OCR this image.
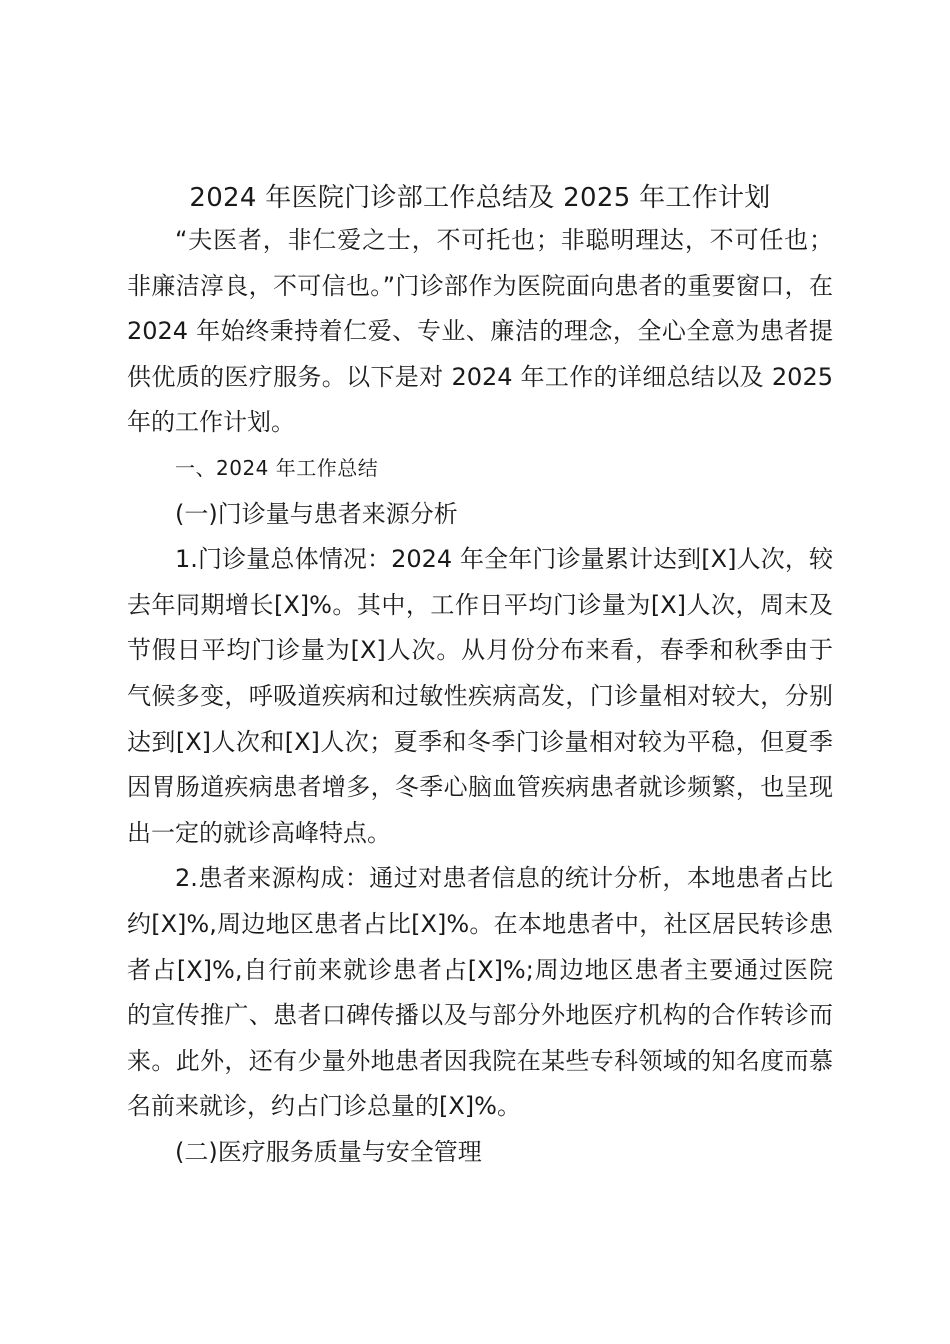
2024 年医院门诊部工作总结及 2025 年工作计划

“夫医者，非仁爱之士，不可托也；非聪明理达，不可任也；非廉洁淳良，不可信也。”门诊部作为医院面向患者的重要窗口，在 2024 年始终秉持着仁爱、专业、廉洁的理念，全心全意为患者提供优质的医疗服务。以下是对 2024 年工作的详细总结以及 2025 年的工作计划。

一、2024 年工作总结

(一)门诊量与患者来源分析

1.门诊量总体情况：2024 年全年门诊量累计达到[X]人次，较去年同期增长[X]%。其中，工作日平均门诊量为[X]人次，周末及节假日平均门诊量为[X]人次。从月份分布来看，春季和秋季由于气候多变，呼吸道疾病和过敏性疾病高发，门诊量相对较大，分别达到[X]人次和[X]人次；夏季和冬季门诊量相对较为平稳，但夏季因胃肠道疾病患者增多，冬季心脑血管疾病患者就诊频繁，也呈现出一定的就诊高峰特点。

2.患者来源构成：通过对患者信息的统计分析，本地患者占比约[X]%,周边地区患者占比[X]%。在本地患者中，社区居民转诊患者占[X]%,自行前来就诊患者占[X]%;周边地区患者主要通过医院的宣传推广、患者口碑传播以及与部分外地医疗机构的合作转诊而来。此外，还有少量外地患者因我院在某些专科领域的知名度而慕名前来就诊，约占门诊总量的[X]%。

(二)医疗服务质量与安全管理
